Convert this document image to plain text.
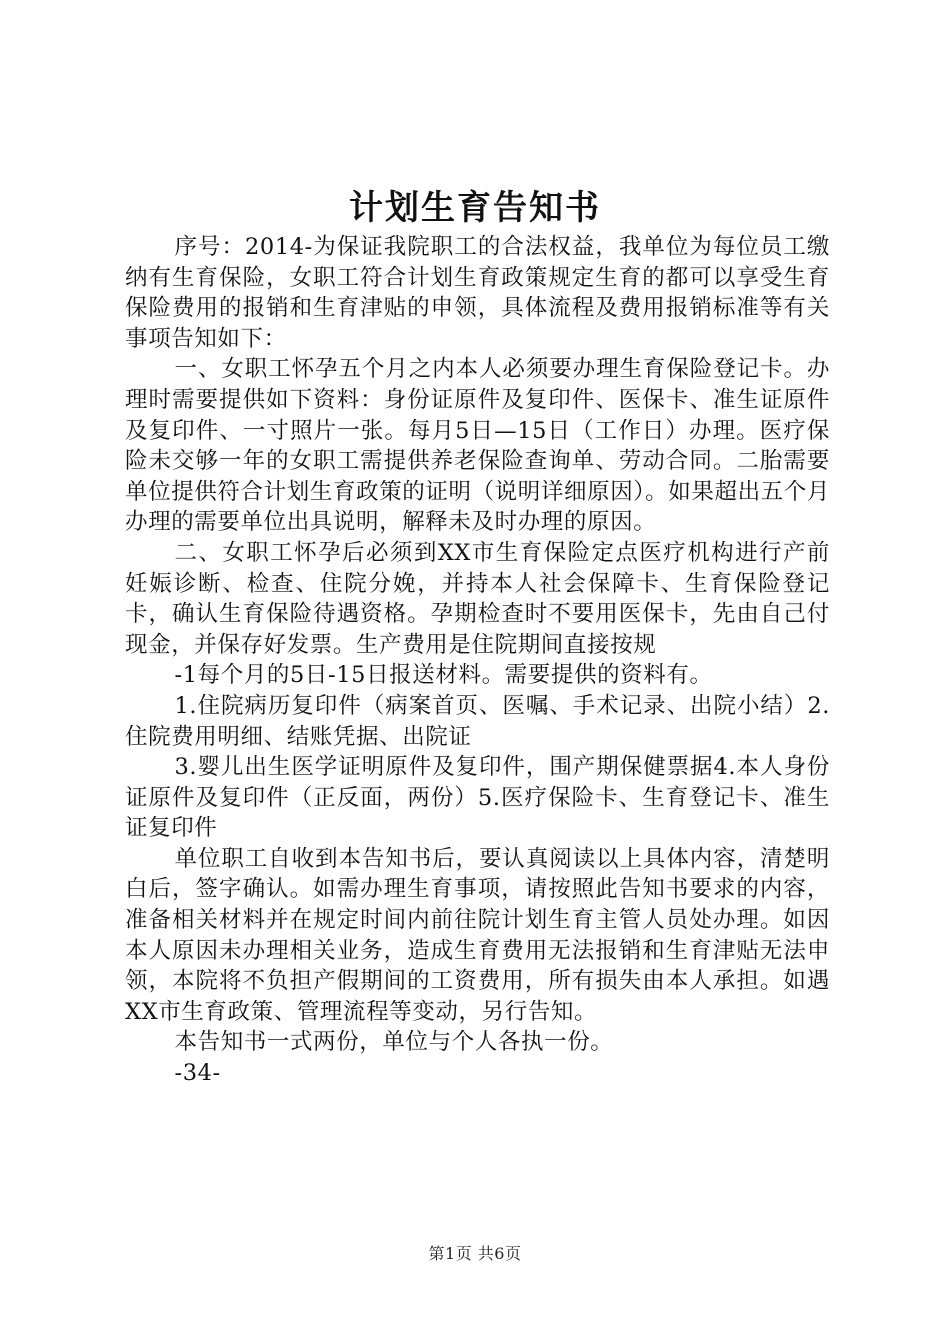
计划生育告知书

序号：2014-为保证我院职工的合法权益，我单位为每位员工缴纳有生育保险，女职工符合计划生育政策规定生育的都可以享受生育保险费用的报销和生育津贴的申领，具体流程及费用报销标准等有关事项告知如下：

一、女职工怀孕五个月之内本人必须要办理生育保险登记卡。办理时需要提供如下资料：身份证原件及复印件、医保卡、准生证原件及复印件、一寸照片一张。每月5日—15日（工作日）办理。医疗保险未交够一年的女职工需提供养老保险查询单、劳动合同。二胎需要单位提供符合计划生育政策的证明（说明详细原因）。如果超出五个月办理的需要单位出具说明，解释未及时办理的原因。

二、女职工怀孕后必须到XX市生育保险定点医疗机构进行产前妊娠诊断、检查、住院分娩，并持本人社会保障卡、生育保险登记卡，确认生育保险待遇资格。孕期检查时不要用医保卡，先由自己付现金，并保存好发票。生产费用是住院期间直接按规

-1每个月的5日-15日报送材料。需要提供的资料有。

1.住院病历复印件（病案首页、医嘱、手术记录、出院小结）2.住院费用明细、结账凭据、出院证

3.婴儿出生医学证明原件及复印件，围产期保健票据4.本人身份证原件及复印件（正反面，两份）5.医疗保险卡、生育登记卡、准生证复印件

单位职工自收到本告知书后，要认真阅读以上具体内容，清楚明白后，签字确认。如需办理生育事项，请按照此告知书要求的内容，准备相关材料并在规定时间内前往院计划生育主管人员处办理。如因本人原因未办理相关业务，造成生育费用无法报销和生育津贴无法申领，本院将不负担产假期间的工资费用，所有损失由本人承担。如遇XX市生育政策、管理流程等变动，另行告知。

本告知书一式两份，单位与个人各执一份。

-34-

第1页 共6页
